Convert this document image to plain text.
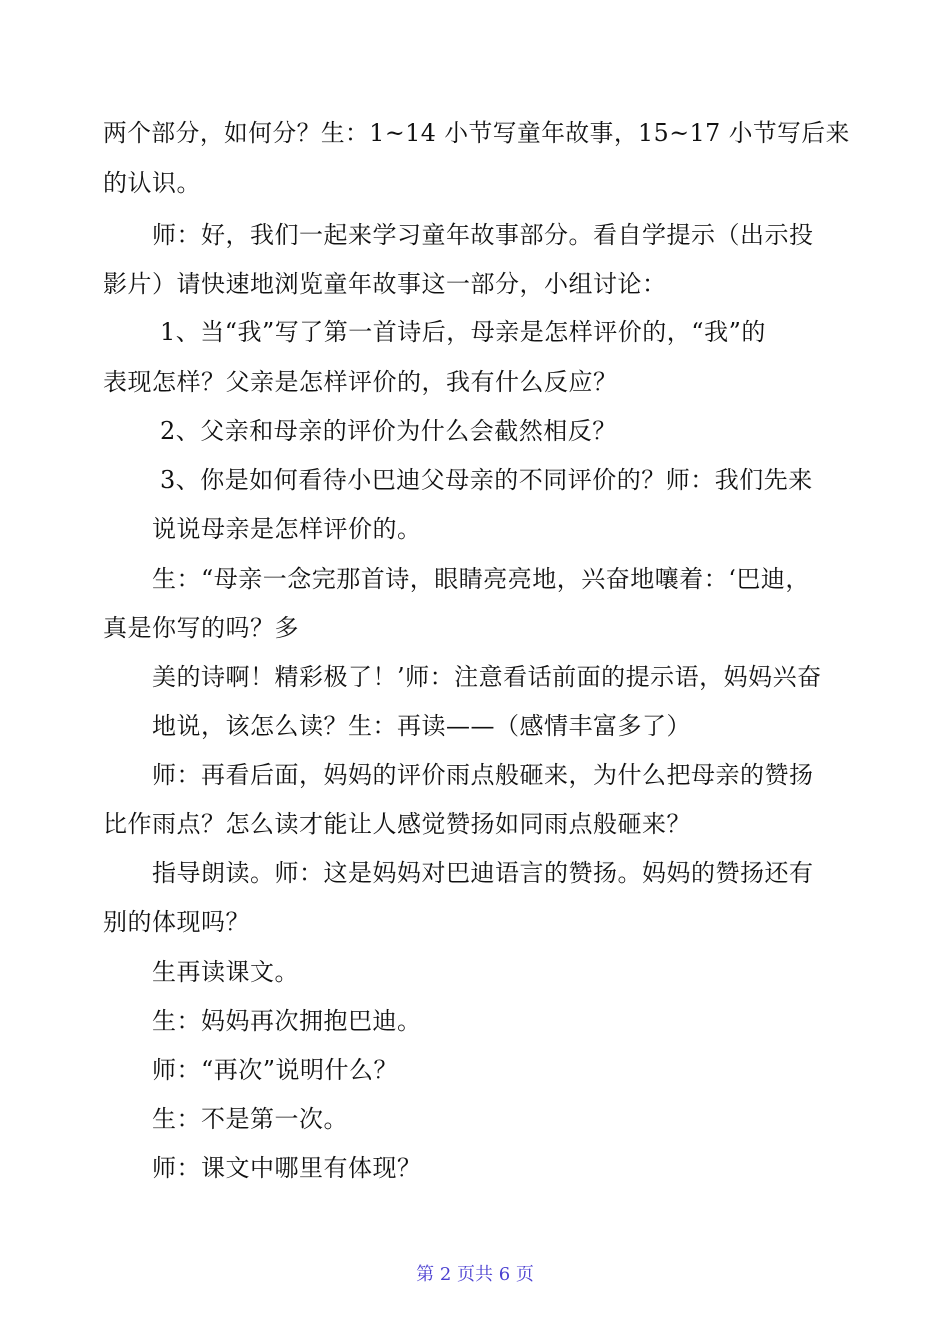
两个部分，如何分？生：1~14 小节写童年故事，15~17 小节写后来
的认识。
师：好，我们一起来学习童年故事部分。看自学提示（出示投
影片）请快速地浏览童年故事这一部分，小组讨论：
1、当“我”写了第一首诗后，母亲是怎样评价的，“我”的
表现怎样？父亲是怎样评价的，我有什么反应？
2、父亲和母亲的评价为什么会截然相反？
3、你是如何看待小巴迪父母亲的不同评价的？师：我们先来
说说母亲是怎样评价的。
生：“母亲一念完那首诗，眼睛亮亮地，兴奋地嚷着：‘巴迪，
真是你写的吗？多
美的诗啊！精彩极了！’师：注意看话前面的提示语，妈妈兴奋
地说，该怎么读？生：再读——（感情丰富多了）
师：再看后面，妈妈的评价雨点般砸来，为什么把母亲的赞扬
比作雨点？怎么读才能让人感觉赞扬如同雨点般砸来？
指导朗读。师：这是妈妈对巴迪语言的赞扬。妈妈的赞扬还有
别的体现吗？
生再读课文。
生：妈妈再次拥抱巴迪。
师：“再次”说明什么？
生：不是第一次。
师：课文中哪里有体现？
第 2 页共 6 页
